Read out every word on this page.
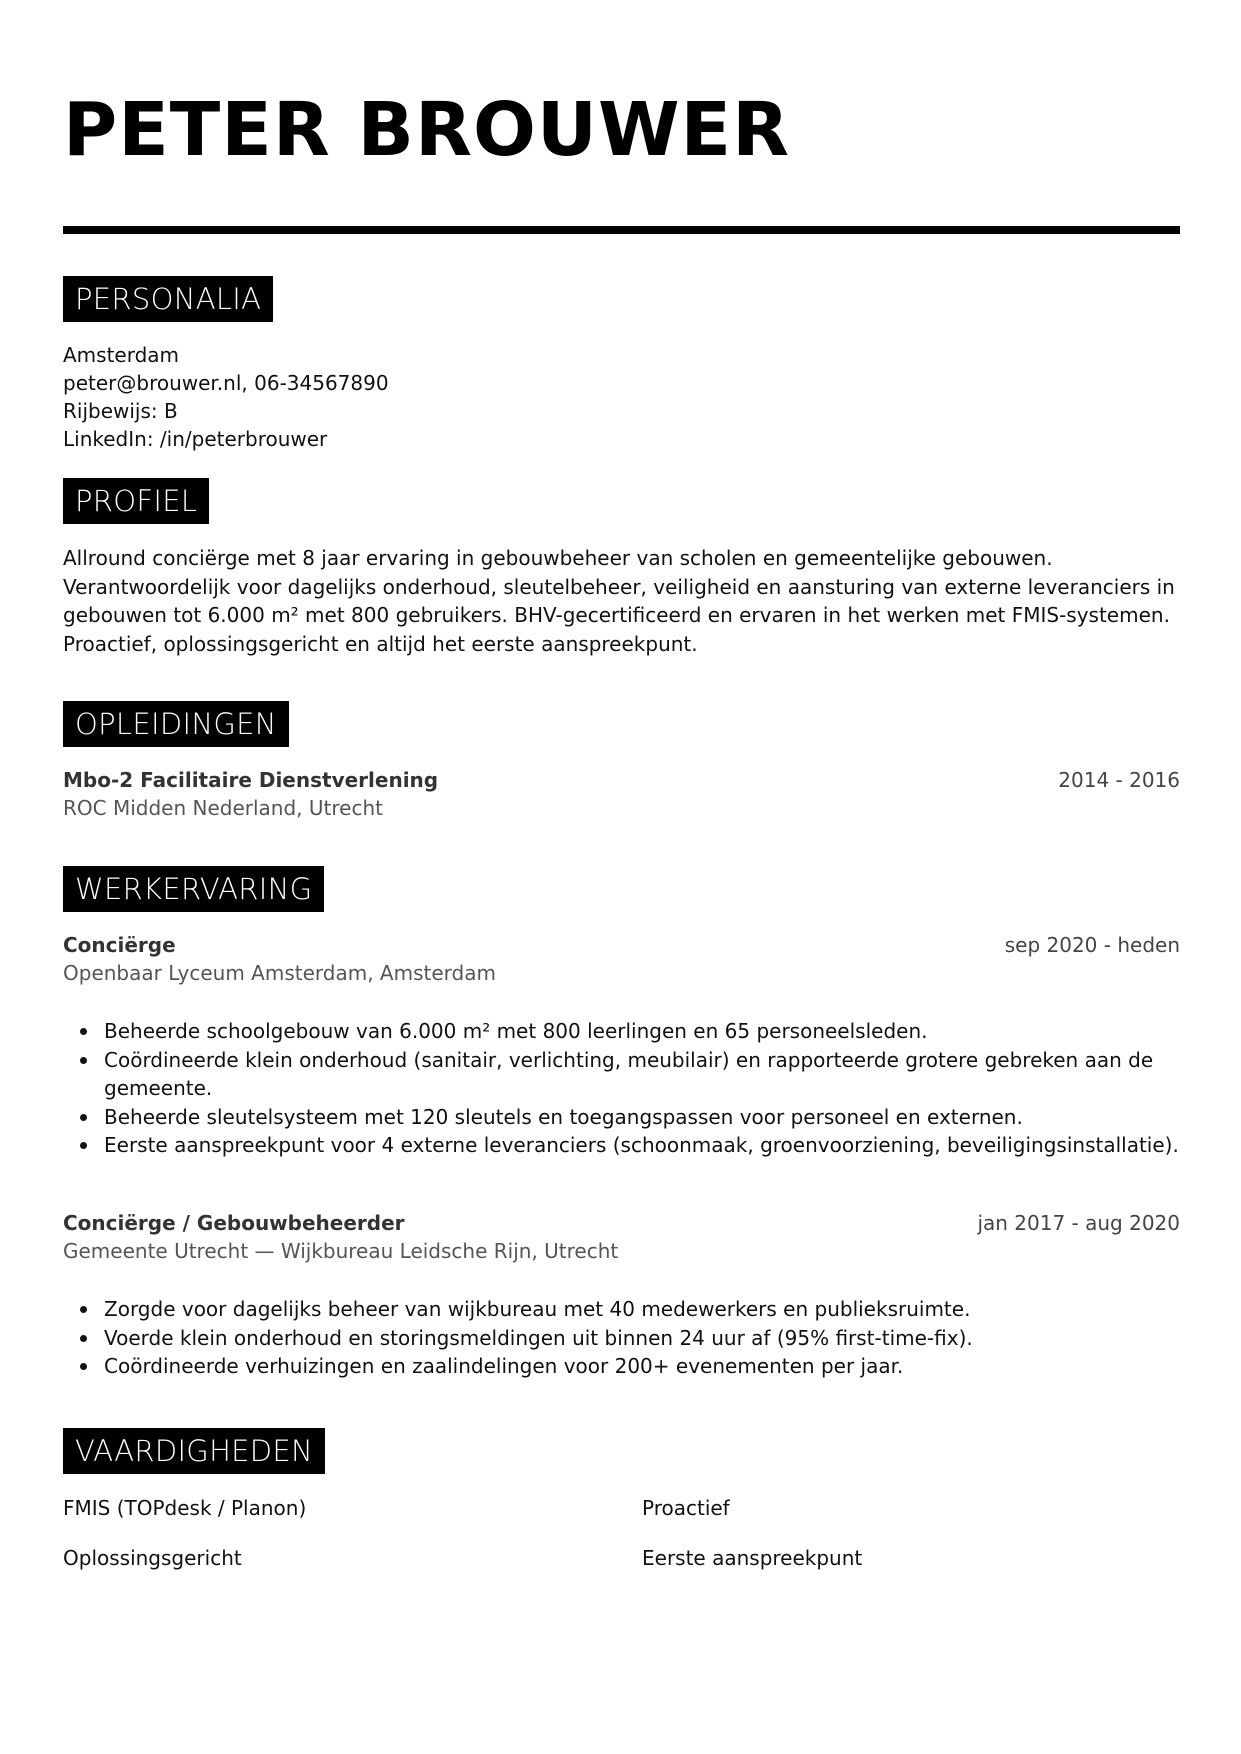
PETER BROUWER
PERSONALIA
Amsterdam
peter@brouwer.nl, 06-34567890
Rijbewijs: B
LinkedIn: /in/peterbrouwer
PROFIEL
Allround conciërge met 8 jaar ervaring in gebouwbeheer van scholen en gemeentelijke gebouwen. Verantwoordelijk voor dagelijks onderhoud, sleutelbeheer, veiligheid en aansturing van externe leveranciers in gebouwen tot 6.000 m² met 800 gebruikers. BHV-gecertificeerd en ervaren in het werken met FMIS-systemen. Proactief, oplossingsgericht en altijd het eerste aanspreekpunt.
OPLEIDINGEN
Mbo-2 Facilitaire Dienstverlening	2014 - 2016
ROC Midden Nederland, Utrecht
WERKERVARING
Conciërge	sep 2020 - heden
Openbaar Lyceum Amsterdam, Amsterdam
Beheerde schoolgebouw van 6.000 m² met 800 leerlingen en 65 personeelsleden.
Coördineerde klein onderhoud (sanitair, verlichting, meubilair) en rapporteerde grotere gebreken aan de gemeente.
Beheerde sleutelsysteem met 120 sleutels en toegangspassen voor personeel en externen.
Eerste aanspreekpunt voor 4 externe leveranciers (schoonmaak, groenvoorziening, beveiligingsinstallatie).
Conciërge / Gebouwbeheerder	jan 2017 - aug 2020
Gemeente Utrecht — Wijkbureau Leidsche Rijn, Utrecht
Zorgde voor dagelijks beheer van wijkbureau met 40 medewerkers en publieksruimte.
Voerde klein onderhoud en storingsmeldingen uit binnen 24 uur af (95% first-time-fix).
Coördineerde verhuizingen en zaalindelingen voor 200+ evenementen per jaar.
VAARDIGHEDEN
FMIS (TOPdesk / Planon)	Proactief
Oplossingsgericht	Eerste aanspreekpunt
